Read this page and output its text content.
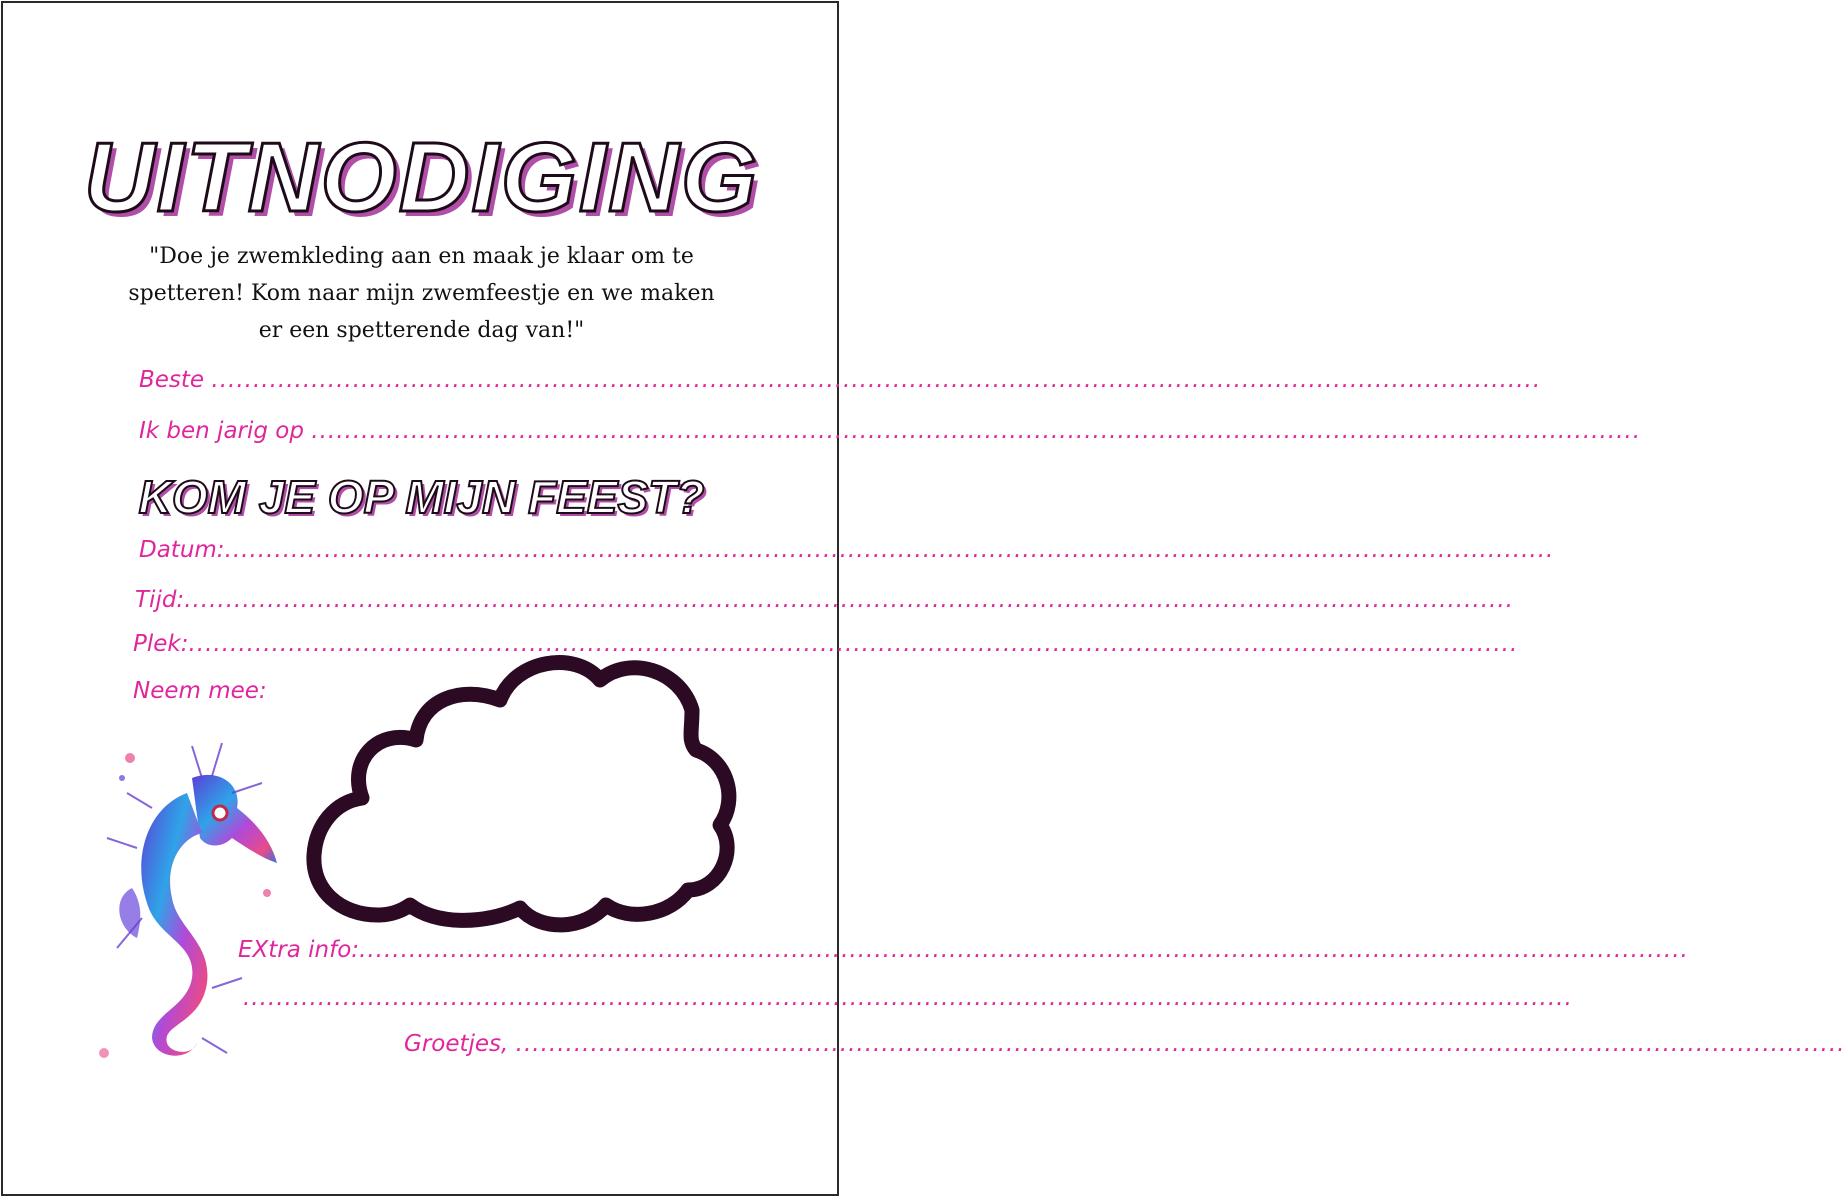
UITNODIGING
"Doe je zwemkleding aan en maak je klaar om te spetteren! Kom naar mijn zwemfeestje en we maken er een spetterende dag van!"
Beste ................................................................................................................................................................
Ik ben jarig op ................................................................................................................................................................
KOM JE OP MIJN FEEST?
Datum:................................................................................................................................................................
Tijd:................................................................................................................................................................
Plek:................................................................................................................................................................
Neem mee:
EXtra info:................................................................................................................................................................
................................................................................................................................................................
Groetjes, ................................................................................................................................................................
